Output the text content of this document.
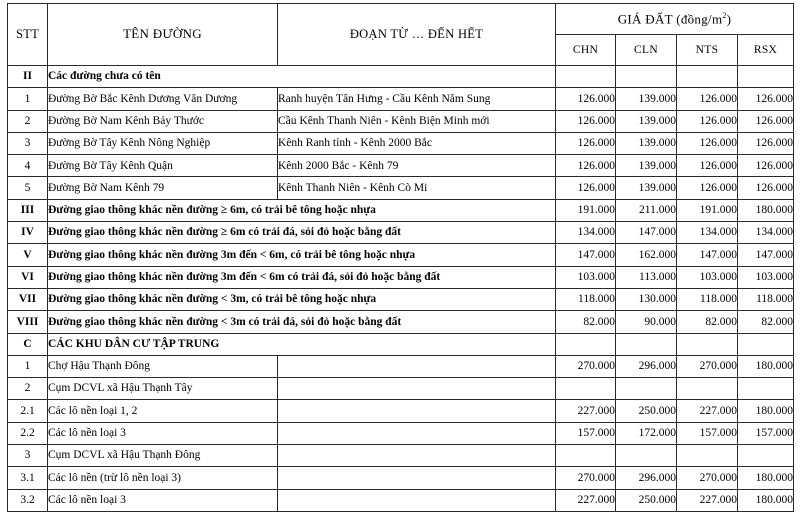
STT	TÊN ĐƯỜNG	ĐOẠN TỪ … ĐẾN HẾT	GIÁ ĐẤT $(đồng/m^2)$			
			CHN	CLN	NTS	RSX
II	Các đường chưa có tên					
1	Đường Bờ Bắc Kênh Dương Văn Dương	Ranh huyện Tân Hưng - Cầu Kênh Năm Sung	126.000	139.000	126.000	126.000
2	Đường Bờ Nam Kênh Bảy Thước	Cầu Kênh Thanh Niên - Kênh Biện Minh mới	126.000	139.000	126.000	126.000
3	Đường Bờ Tây Kênh Nông Nghiệp	Kênh Ranh tỉnh - Kênh 2000 Bắc	126.000	139.000	126.000	126.000
4	Đường Bờ Tây Kênh Quận	Kênh 2000 Bắc - Kênh 79	126.000	139.000	126.000	126.000
5	Đường Bờ Nam Kênh 79	Kênh Thanh Niên - Kênh Cò Mi	126.000	139.000	126.000	126.000
III	Đường giao thông khác nền đường ≥ 6m, có trải bê tông hoặc nhựa		191.000	211.000	191.000	180.000
IV	Đường giao thông khác nền đường ≥ 6m có trải đá, sỏi đỏ hoặc bằng đất		134.000	147.000	134.000	134.000
V	Đường giao thông khác nền đường 3m đến < 6m, có trải bê tông hoặc nhựa		147.000	162.000	147.000	147.000
VI	Đường giao thông khác nền đường 3m đến < 6m có trải đá, sỏi đỏ hoặc bằng đất		103.000	113.000	103.000	103.000
VII	Đường giao thông khác nền đường < 3m, có trải bê tông hoặc nhựa		118.000	130.000	118.000	118.000
VIII	Đường giao thông khác nền đường < 3m có trải đá, sỏi đỏ hoặc bằng đất		82.000	90.000	82.000	82.000
C	CÁC KHU DÂN CƯ TẬP TRUNG					
1	Chợ Hậu Thạnh Đông		270.000	296.000	270.000	180.000
2	Cụm DCVL xã Hậu Thạnh Tây					
2.1	Các lô nền loại 1, 2		227.000	250.000	227.000	180.000
2.2	Các lô nền loại 3		157.000	172.000	157.000	157.000
3	Cụm DCVL xã Hậu Thạnh Đông					
3.1	Các lô nền (trừ lô nền loại 3)		270.000	296.000	270.000	180.000
3.2	Các lô nền loại 3		227.000	250.000	227.000	180.000
